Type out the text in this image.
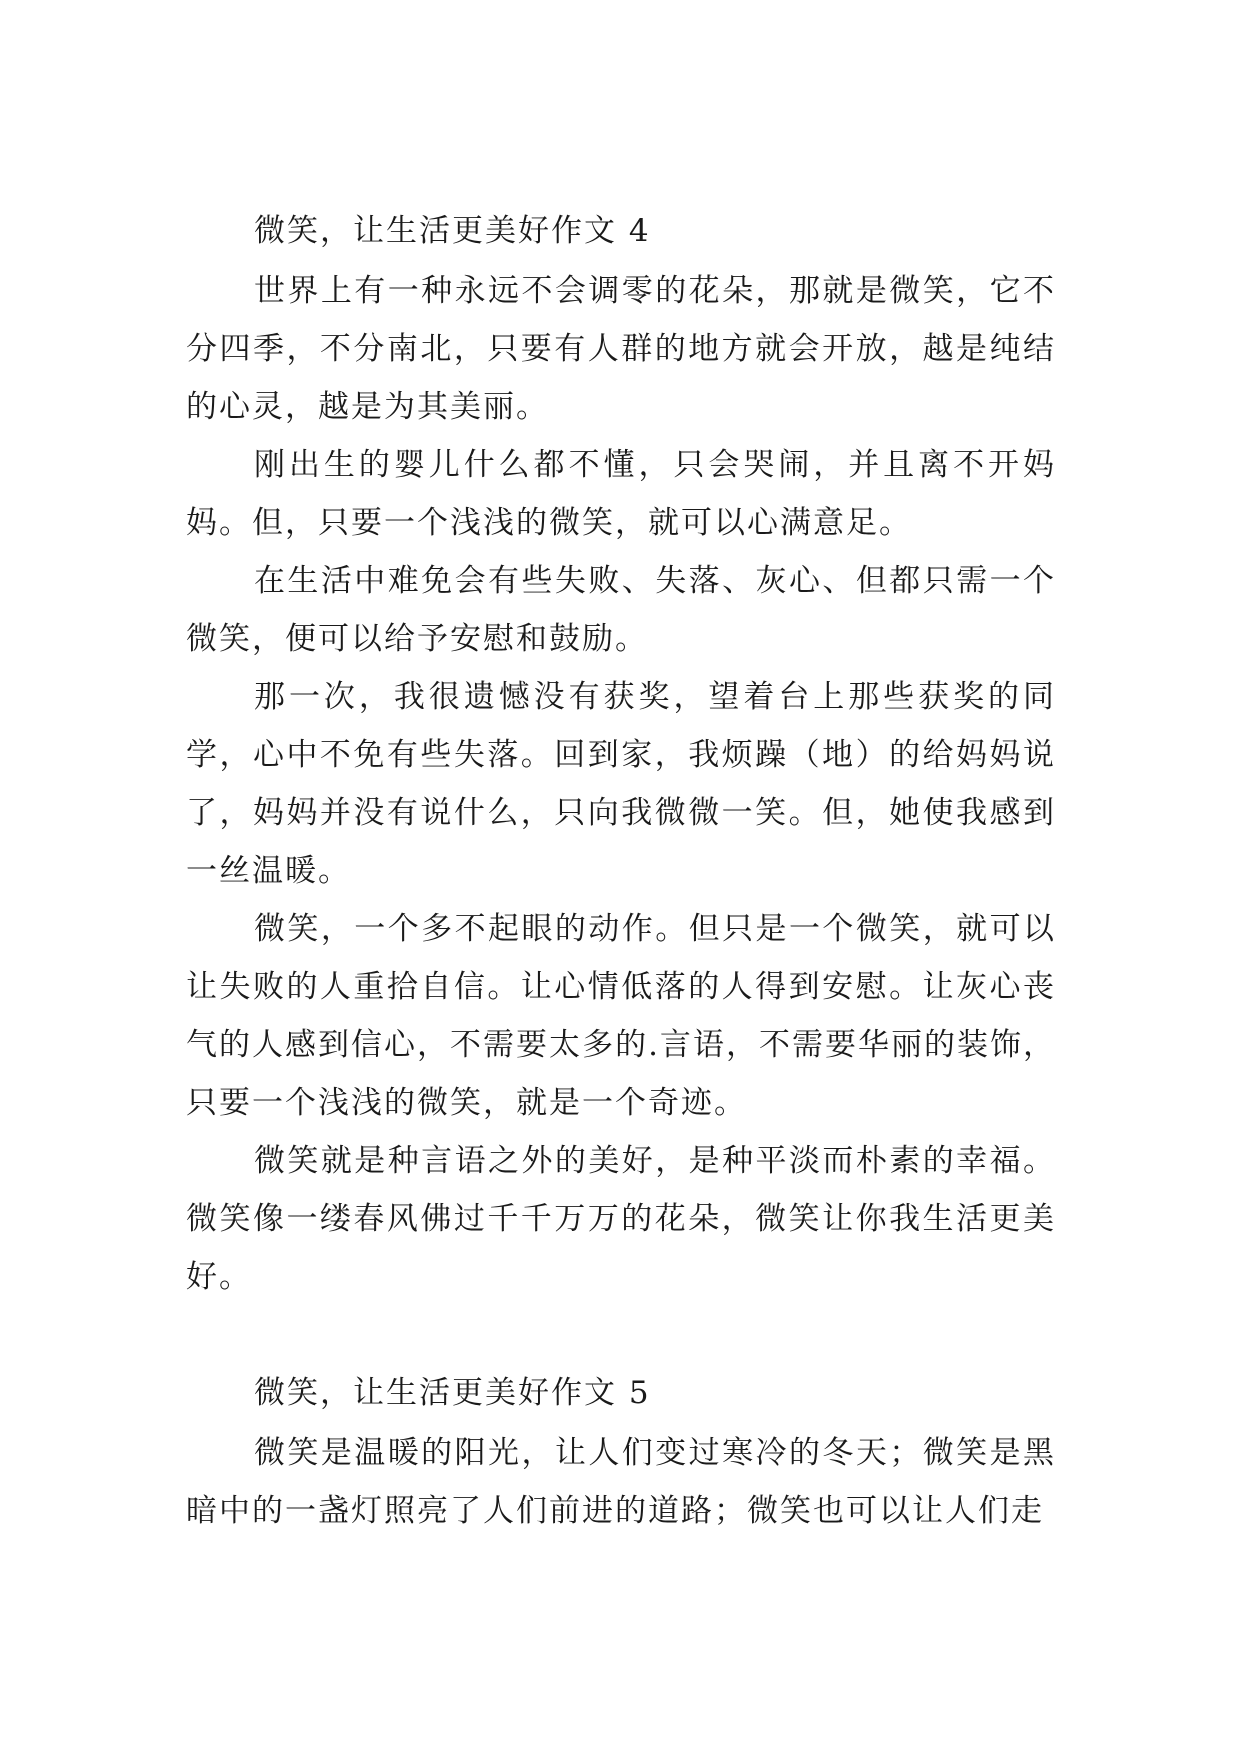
微笑，让生活更美好作文 4

世界上有一种永远不会调零的花朵，那就是微笑，它不分四季，不分南北，只要有人群的地方就会开放，越是纯结的心灵，越是为其美丽。

刚出生的婴儿什么都不懂，只会哭闹，并且离不开妈妈。但，只要一个浅浅的微笑，就可以心满意足。

在生活中难免会有些失败、失落、灰心、但都只需一个微笑，便可以给予安慰和鼓励。

那一次，我很遗憾没有获奖，望着台上那些获奖的同学，心中不免有些失落。回到家，我烦躁（地）的给妈妈说了，妈妈并没有说什么，只向我微微一笑。但，她使我感到一丝温暖。

微笑，一个多不起眼的动作。但只是一个微笑，就可以让失败的人重拾自信。让心情低落的人得到安慰。让灰心丧气的人感到信心，不需要太多的.言语，不需要华丽的装饰，只要一个浅浅的微笑，就是一个奇迹。

微笑就是种言语之外的美好，是种平淡而朴素的幸福。微笑像一缕春风佛过千千万万的花朵，微笑让你我生活更美好。

微笑，让生活更美好作文 5

微笑是温暖的阳光，让人们变过寒冷的冬天；微笑是黑暗中的一盏灯照亮了人们前进的道路；微笑也可以让人们走
